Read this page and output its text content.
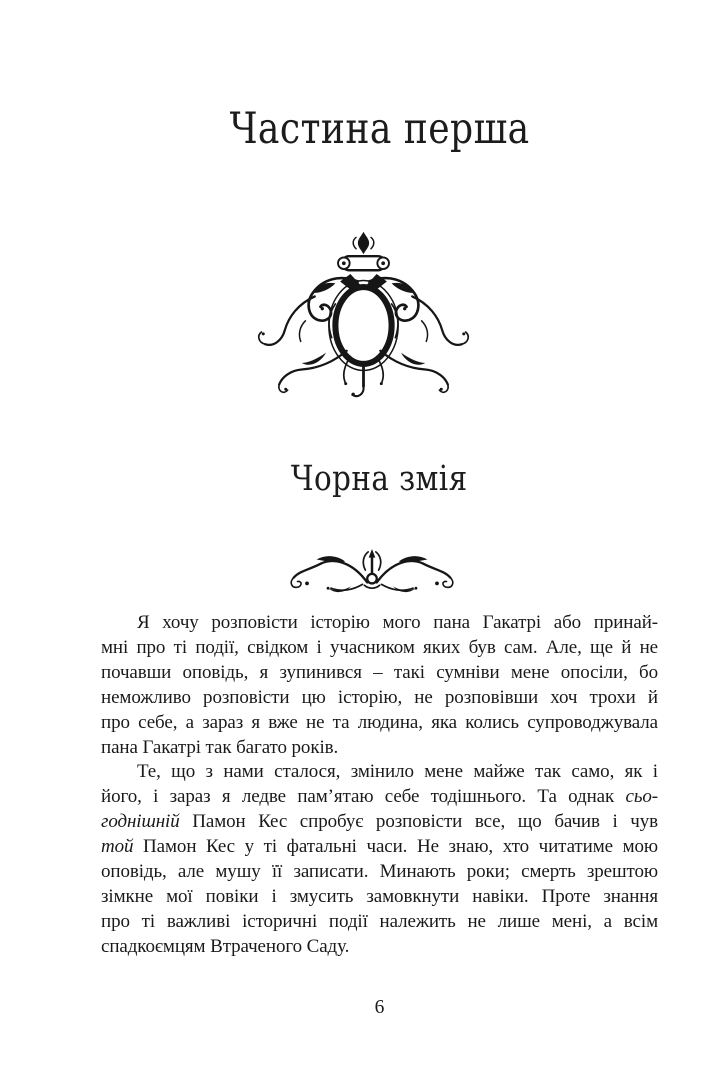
Частина перша
Чорна змія
Я хочу розповісти історію мого пана Гакатрі або принай-
мні про ті події, свідком і учасником яких був сам. Але, ще й не
почавши оповідь, я зупинився – такі сумніви мене опосіли, бо
неможливо розповісти цю історію, не розповівши хоч трохи й
про себе, а зараз я вже не та людина, яка колись супроводжувала
пана Гакатрі так багато років.
Те, що з нами сталося, змінило мене майже так само, як і
його, і зараз я ледве пам’ятаю себе тодішнього. Та однак сьо-
годнішній Памон Кес спробує розповісти все, що бачив і чув
той Памон Кес у ті фатальні часи. Не знаю, хто читатиме мою
оповідь, але мушу її записати. Минають роки; смерть зрештою
зімкне мої повіки і змусить замовкнути навіки. Проте знання
про ті важливі історичні події належить не лише мені, а всім
спадкоємцям Втраченого Саду.
6
